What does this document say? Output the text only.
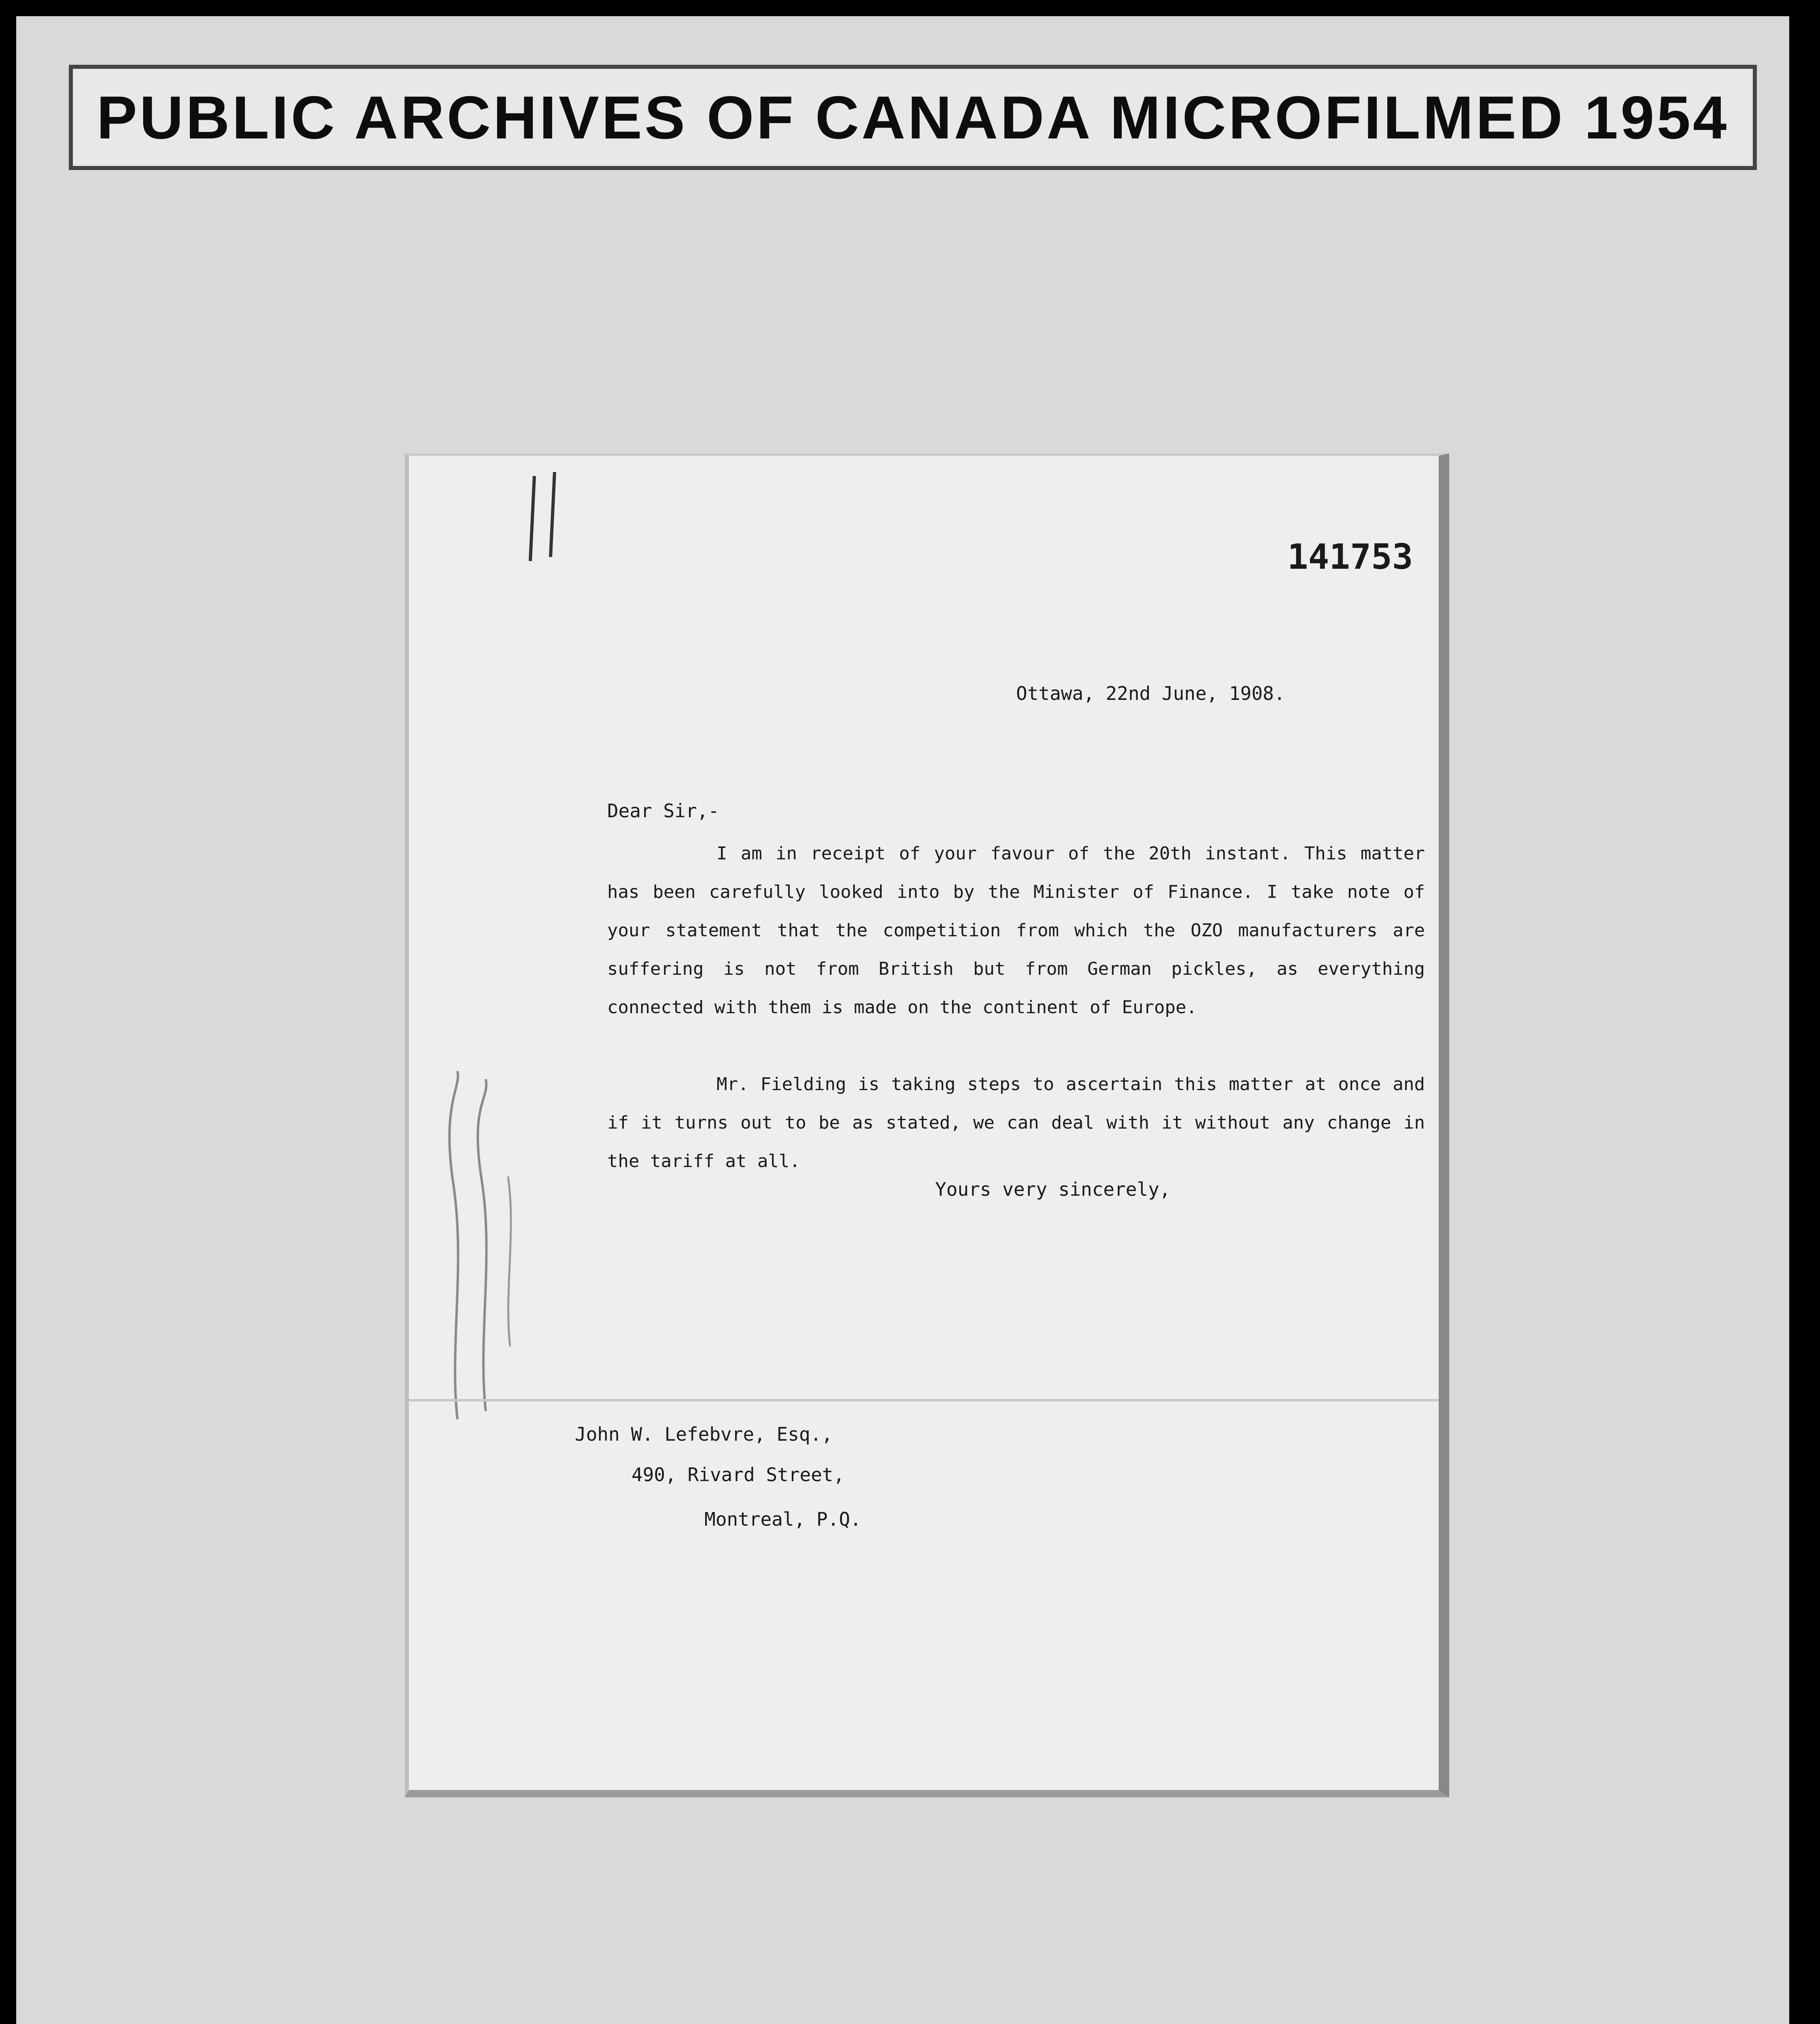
PUBLIC ARCHIVES OF CANADA MICROFILMED 1954
141753
Ottawa, 22nd June, 1908.
Dear Sir,-
I am in receipt of your favour of the 20th instant. This matter has been carefully looked into by the Minister of Finance. I take note of your statement that the competition from which the OZO manufacturers are suffering is not from British but from German pickles, as everything connected with them is made on the continent of Europe.
Mr. Fielding is taking steps to ascertain this matter at once and if it turns out to be as stated, we can deal with it without any change in the tariff at all.
Yours very sincerely,
John W. Lefebvre, Esq.,
490, Rivard Street,
Montreal, P.Q.
